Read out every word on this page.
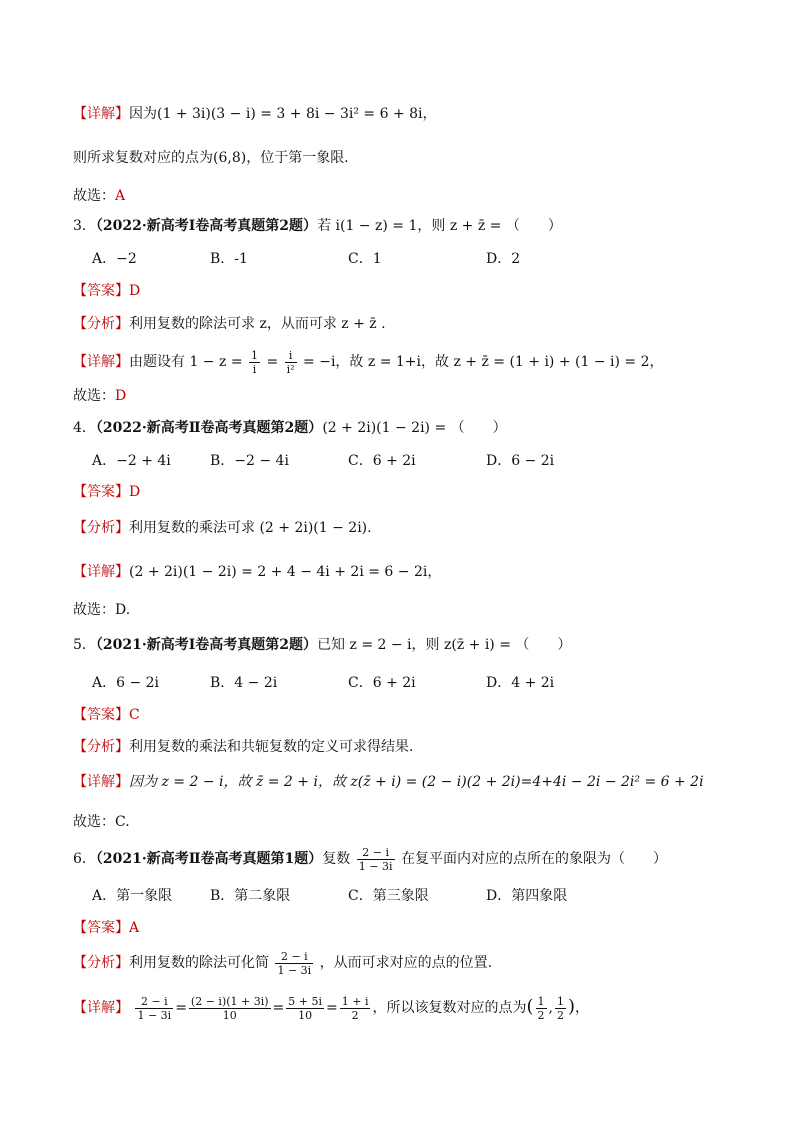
【详解】因为(1 + 3i)(3 − i) = 3 + 8i − 3i² = 6 + 8i，
则所求复数对应的点为(6,8)，位于第一象限.
故选：A
3．（2022·新高考Ⅰ卷高考真题第2题）若 i(1 − z) = 1，则 z + z̄ = （　　）
A．−2	B．-1	C．1	D．2
【答案】D
【分析】利用复数的除法可求 z，从而可求 z + z̄ .
【详解】由题设有 $1 - z = \frac{1}{i} = \frac{i}{\text{i²}} = -i$，故 z = 1+i，故 z + z̄ = (1 + i) + (1 − i) = 2，
故选：D
4．（2022·新高考Ⅱ卷高考真题第2题）(2 + 2i)(1 − 2i) = （　　）
A．−2 + 4i	B．−2 − 4i	C．6 + 2i	D．6 − 2i
【答案】D
【分析】利用复数的乘法可求 (2 + 2i)(1 − 2i).
【详解】(2 + 2i)(1 − 2i) = 2 + 4 − 4i + 2i = 6 − 2i，
故选：D.
5．（2021·新高考Ⅰ卷高考真题第2题）已知 z = 2 − i，则 z(z̄ + i) = （　　）
A．6 − 2i	B．4 − 2i	C．6 + 2i	D．4 + 2i
【答案】C
【分析】利用复数的乘法和共轭复数的定义可求得结果.
【详解】因为 z = 2 − i，故 z̄ = 2 + i，故 z(z̄ + i) = (2 − i)(2 + 2i)=4+4i − 2i − 2i² = 6 + 2i
故选：C.
6．（2021·新高考Ⅱ卷高考真题第1题）复数 $\frac{2 - i}{1 - 3i}$ 在复平面内对应的点所在的象限为（　　）
A．第一象限	B．第二象限	C．第三象限	D．第四象限
【答案】A
【分析】利用复数的除法可化简 $\frac{2 - i}{1 - 3i}$ ，从而可求对应的点的位置.
【详解】 $\frac{2 - i}{1 - 3i} = \frac{(2 - i)(1 + 3i)}{10} = \frac{5 + 5i}{10} = \frac{1 + i}{2}$ ，所以该复数对应的点为( $\frac{1}{2}$ , $\frac{1}{2}$ )，
